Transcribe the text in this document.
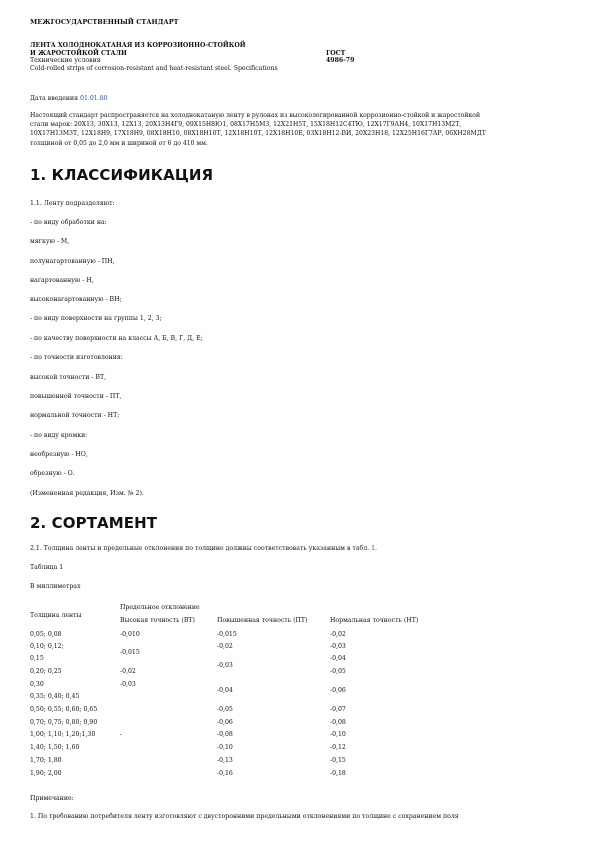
МЕЖГОСУДАРСТВЕННЫЙ СТАНДАРТ
ЛЕНТА ХОЛОДНОКАТАНАЯ ИЗ КОРРОЗИОННО-СТОЙКОЙ
И ЖАРОСТОЙКОЙ СТАЛИ
Технические условия
Cold-rolled strips of corrosion-resistant and heat-resistant steel. Specifications

ГОСТ
4986-79
Дата введения 01.01.80
Настоящий стандарт распространяется на холоднокатаную ленту в рулонах из высоколегированной коррозионно-стойкой и жаростойкой
стали марок: 20Х13, 30Х13, 12Х13, 20Х13Н4Г9, 09Х15Н8Ю1, 08Х17Н5М3, 12Х21Н5Т, 15Х18Н12С4ТЮ, 12Х17Г9АН4, 10Х17Н13М2Т,
10Х17Н13М3Т, 12Х18Н9, 17Х18Н9, 08Х18Н10, 08Х18Н10Т, 12Х18Н10Т, 12Х18Н10Е, 03Х18Н12-ВИ, 20Х23Н18, 12Х25Н16Г7АР, 06ХН28МДТ
толщиной от 0,05 до 2,0 мм и шириной от 6 до 410 мм.
1. КЛАССИФИКАЦИЯ
1.1. Ленту подразделяют:
- по виду обработки на:
мягкую - М,
полунагартованную - ПН,
нагартованную - Н,
высоконагартованную - ВН;
- по виду поверхности на группы 1, 2, 3;
- по качеству поверхности на классы А, Б, В, Г, Д, Е;
- по точности изготовления:
высокой точности - ВТ,
повышенной точности - ПТ,
нормальной точности - НТ;
- по виду кромки:
необрезную - НО,
обрезную - О.
(Измененная редакция, Изм. № 2).
2. СОРТАМЕНТ
2.1. Толщина ленты и предельные отклонения по толщине должны соответствовать указанным в табл. 1.
Таблица 1
В миллиметрах
Предельное отклонение
Толщина ленты
Высокая точность (ВТ)	Повышенная точность (ПТ)	Нормальная точность (НТ)
0,05; 0,08
0,10; 0,12;
0,15
0,20; 0,25
0,30
0,35; 0,40; 0,45
0,50; 0,55; 0,60; 0,65
0,70; 0,75; 0,80; 0,90
1,00; 1,10; 1,20;1,30
1,40; 1,50; 1,60
1,70; 1,80
1,90; 2,00
-0,010
-0,015
-0,02
-0,03
-
-0,015
-0,02
-0,03
-0,04
-0,05
-0,06
-0,08
-0,10
-0,13
-0,16
-0,02
-0,03
-0,04
-0,05
-0,06
-0,07
-0,08
-0,10
-0,12
-0,15
-0,18
Примечание:
1. По требованию потребителя ленту изготовляют с двусторонними предельными отклонениями по толщине с сохранением поля
